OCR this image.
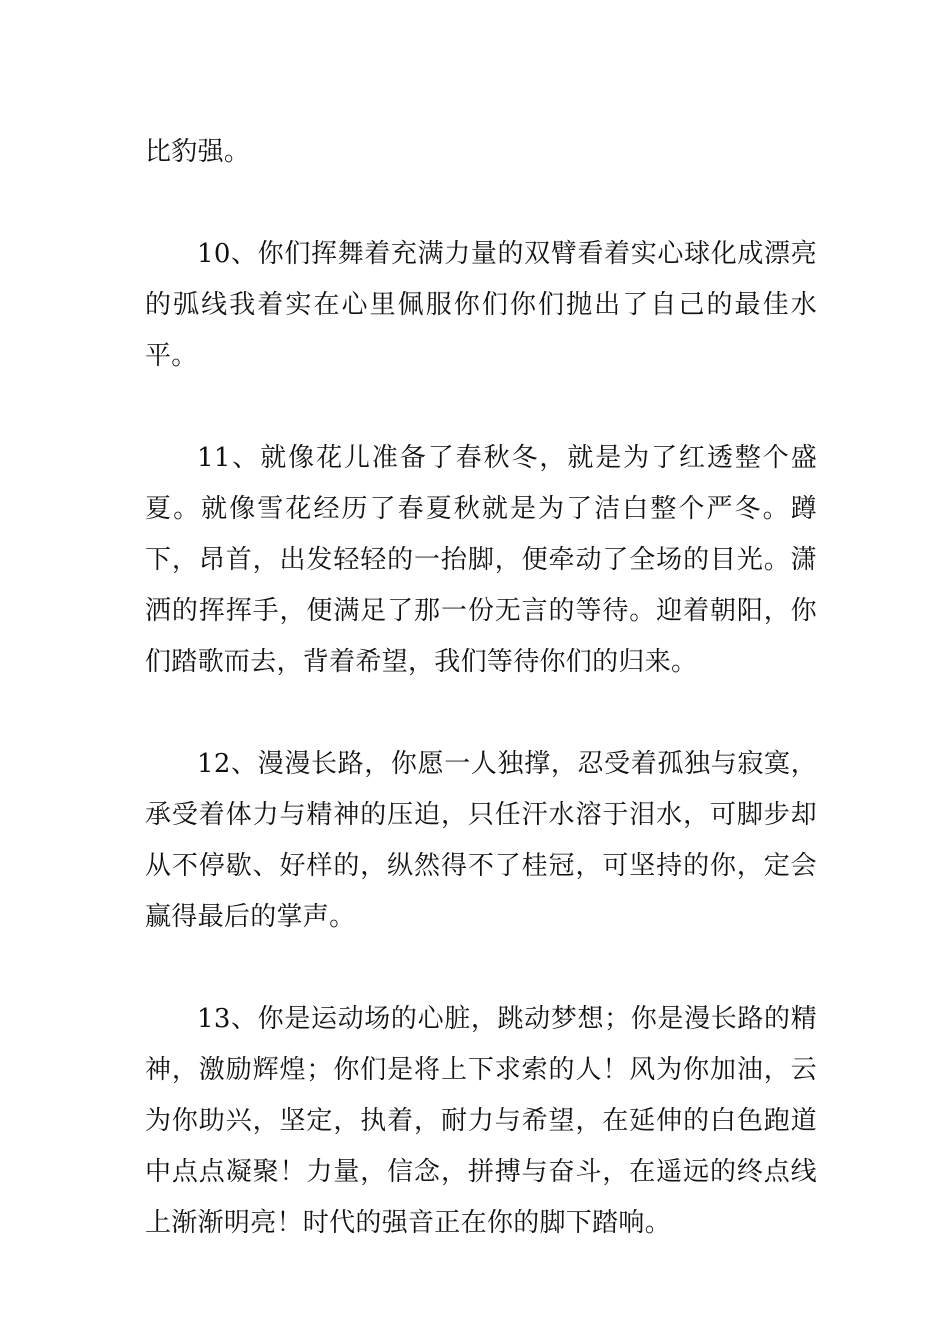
比豹强。

10、你们挥舞着充满力量的双臂看着实心球化成漂亮的弧线我着实在心里佩服你们你们抛出了自己的最佳水平。

11、就像花儿准备了春秋冬，就是为了红透整个盛夏。就像雪花经历了春夏秋就是为了洁白整个严冬。蹲下，昂首，出发轻轻的一抬脚，便牵动了全场的目光。潇洒的挥挥手，便满足了那一份无言的等待。迎着朝阳，你们踏歌而去，背着希望，我们等待你们的归来。

12、漫漫长路，你愿一人独撑，忍受着孤独与寂寞，承受着体力与精神的压迫，只任汗水溶于泪水，可脚步却从不停歇、好样的，纵然得不了桂冠，可坚持的你，定会赢得最后的掌声。

13、你是运动场的心脏，跳动梦想；你是漫长路的精神，激励辉煌；你们是将上下求索的人！风为你加油，云为你助兴，坚定，执着，耐力与希望，在延伸的白色跑道中点点凝聚！力量，信念，拼搏与奋斗，在遥远的终点线上渐渐明亮！时代的强音正在你的脚下踏响。
